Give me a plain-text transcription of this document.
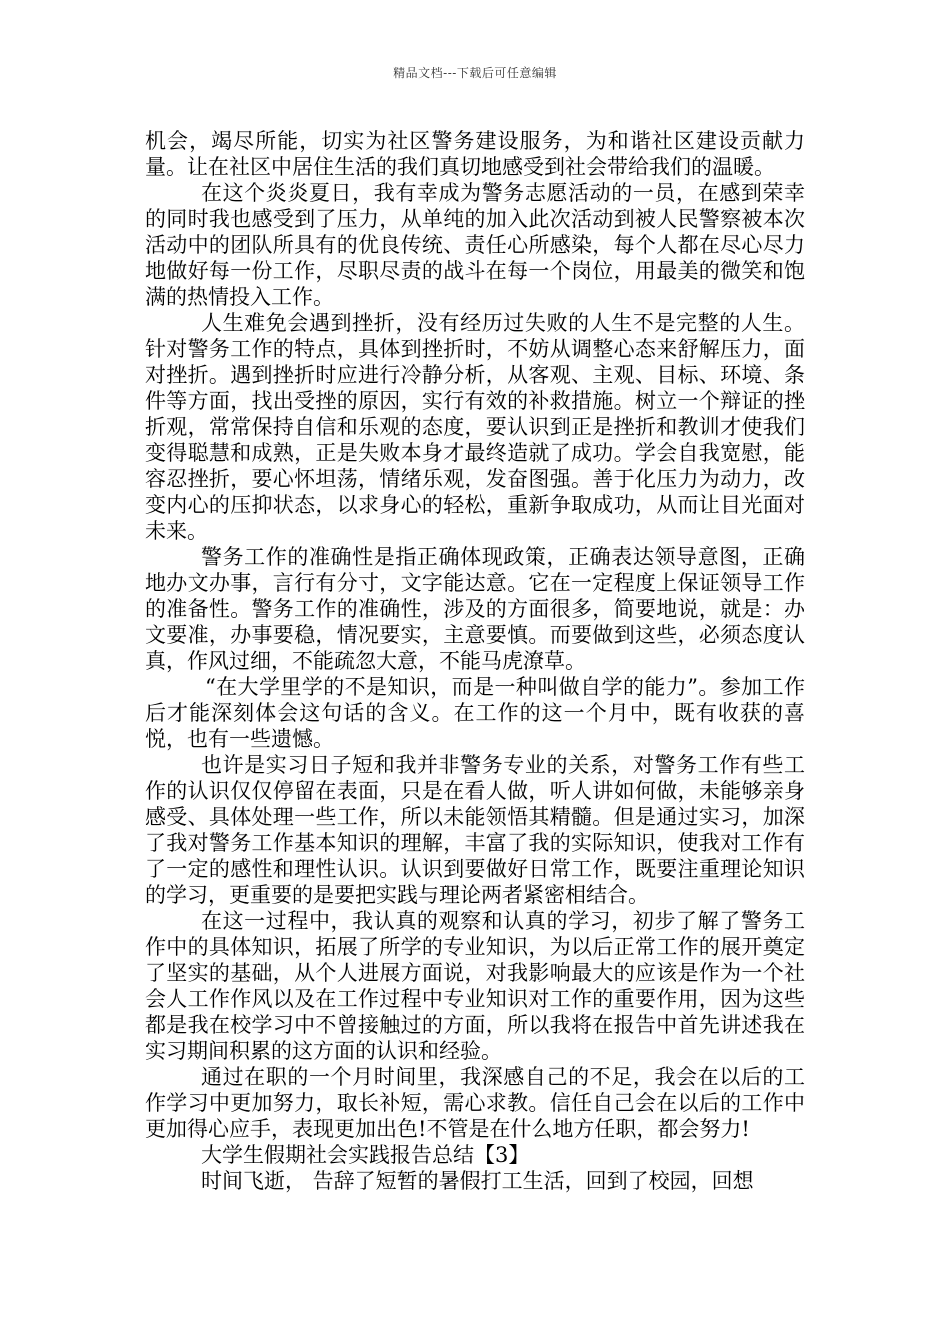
精品文档---下载后可任意编辑

机会，竭尽所能，切实为社区警务建设服务，为和谐社区建设贡献力量。让在社区中居住生活的我们真切地感受到社会带给我们的温暖。

在这个炎炎夏日，我有幸成为警务志愿活动的一员，在感到荣幸的同时我也感受到了压力，从单纯的加入此次活动到被人民警察被本次活动中的团队所具有的优良传统、责任心所感染，每个人都在尽心尽力地做好每一份工作，尽职尽责的战斗在每一个岗位，用最美的微笑和饱满的热情投入工作。

人生难免会遇到挫折，没有经历过失败的人生不是完整的人生。针对警务工作的特点，具体到挫折时，不妨从调整心态来舒解压力，面对挫折。遇到挫折时应进行冷静分析，从客观、主观、目标、环境、条件等方面，找出受挫的原因，实行有效的补救措施。树立一个辩证的挫折观，常常保持自信和乐观的态度，要认识到正是挫折和教训才使我们变得聪慧和成熟，正是失败本身才最终造就了成功。学会自我宽慰，能容忍挫折，要心怀坦荡，情绪乐观，发奋图强。善于化压力为动力，改变内心的压抑状态，以求身心的轻松，重新争取成功，从而让目光面对未来。

警务工作的准确性是指正确体现政策，正确表达领导意图，正确地办文办事，言行有分寸，文字能达意。它在一定程度上保证领导工作的准备性。警务工作的准确性，涉及的方面很多，简要地说，就是：办文要准，办事要稳，情况要实，主意要慎。而要做到这些，必须态度认真，作风过细，不能疏忽大意，不能马虎潦草。

“在大学里学的不是知识，而是一种叫做自学的能力”。参加工作后才能深刻体会这句话的含义。在工作的这一个月中，既有收获的喜悦，也有一些遗憾。

也许是实习日子短和我并非警务专业的关系，对警务工作有些工作的认识仅仅停留在表面，只是在看人做，听人讲如何做，未能够亲身感受、具体处理一些工作，所以未能领悟其精髓。但是通过实习，加深了我对警务工作基本知识的理解，丰富了我的实际知识，使我对工作有了一定的感性和理性认识。认识到要做好日常工作，既要注重理论知识的学习，更重要的是要把实践与理论两者紧密相结合。

在这一过程中，我认真的观察和认真的学习，初步了解了警务工作中的具体知识，拓展了所学的专业知识，为以后正常工作的展开奠定了坚实的基础，从个人进展方面说，对我影响最大的应该是作为一个社会人工作作风以及在工作过程中专业知识对工作的重要作用，因为这些都是我在校学习中不曾接触过的方面，所以我将在报告中首先讲述我在实习期间积累的这方面的认识和经验。

通过在职的一个月时间里，我深感自己的不足，我会在以后的工作学习中更加努力，取长补短，需心求教。信任自己会在以后的工作中更加得心应手，表现更加出色!不管是在什么地方任职，都会努力!

大学生假期社会实践报告总结【3】

时间飞逝， 告辞了短暂的暑假打工生活，回到了校园，回想
